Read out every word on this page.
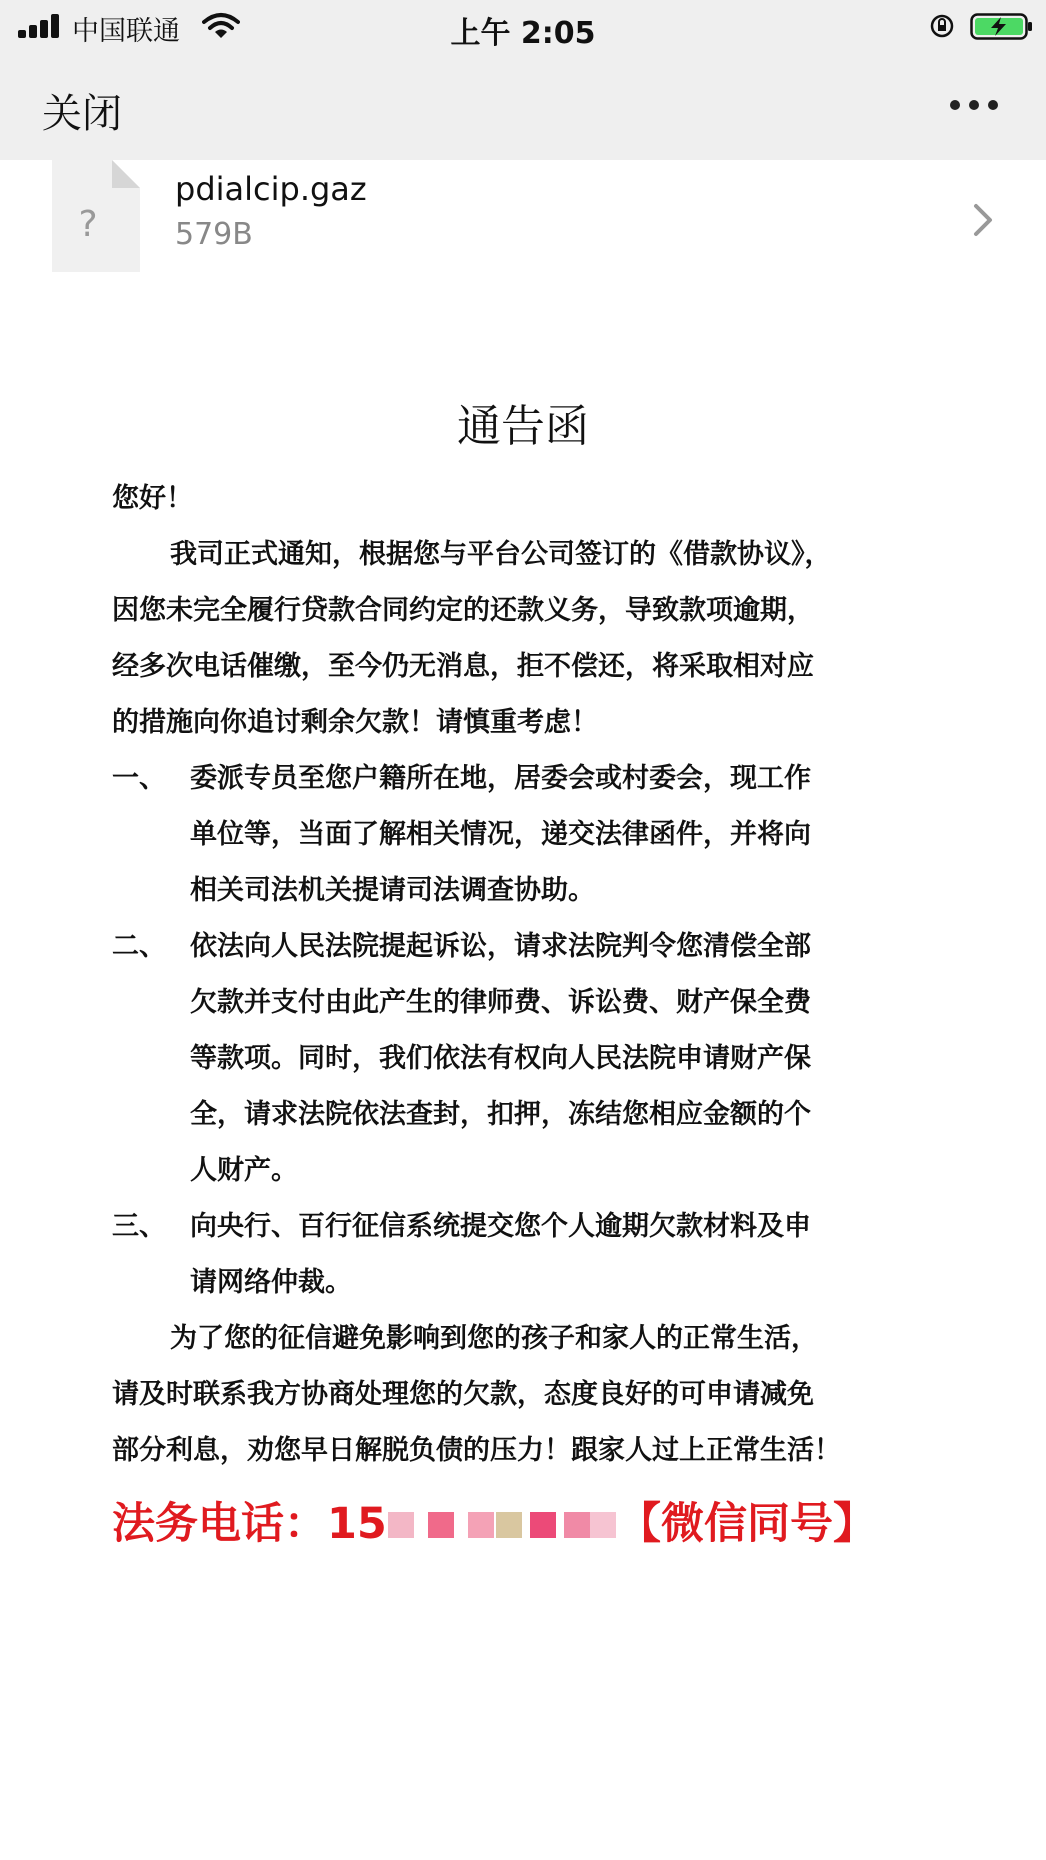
中国联通	上午 2:05
关闭
?
pdialcip.gaz
579B
通告函
您好！
我司正式通知，根据您与平台公司签订的《借款协议》，
因您未完全履行贷款合同约定的还款义务，导致款项逾期，
经多次电话催缴，至今仍无消息，拒不偿还，将采取相对应
的措施向你追讨剩余欠款！请慎重考虑！
一、 委派专员至您户籍所在地，居委会或村委会，现工作
单位等，当面了解相关情况，递交法律函件，并将向
相关司法机关提请司法调查协助。
二、 依法向人民法院提起诉讼，请求法院判令您清偿全部
欠款并支付由此产生的律师费、诉讼费、财产保全费
等款项。同时，我们依法有权向人民法院申请财产保
全，请求法院依法查封，扣押，冻结您相应金额的个
人财产。
三、 向央行、百行征信系统提交您个人逾期欠款材料及申
请网络仲裁。
为了您的征信避免影响到您的孩子和家人的正常生活，
请及时联系我方协商处理您的欠款，态度良好的可申请减免
部分利息，劝您早日解脱负债的压力！跟家人过上正常生活！
法务电话：15	【微信同号】
